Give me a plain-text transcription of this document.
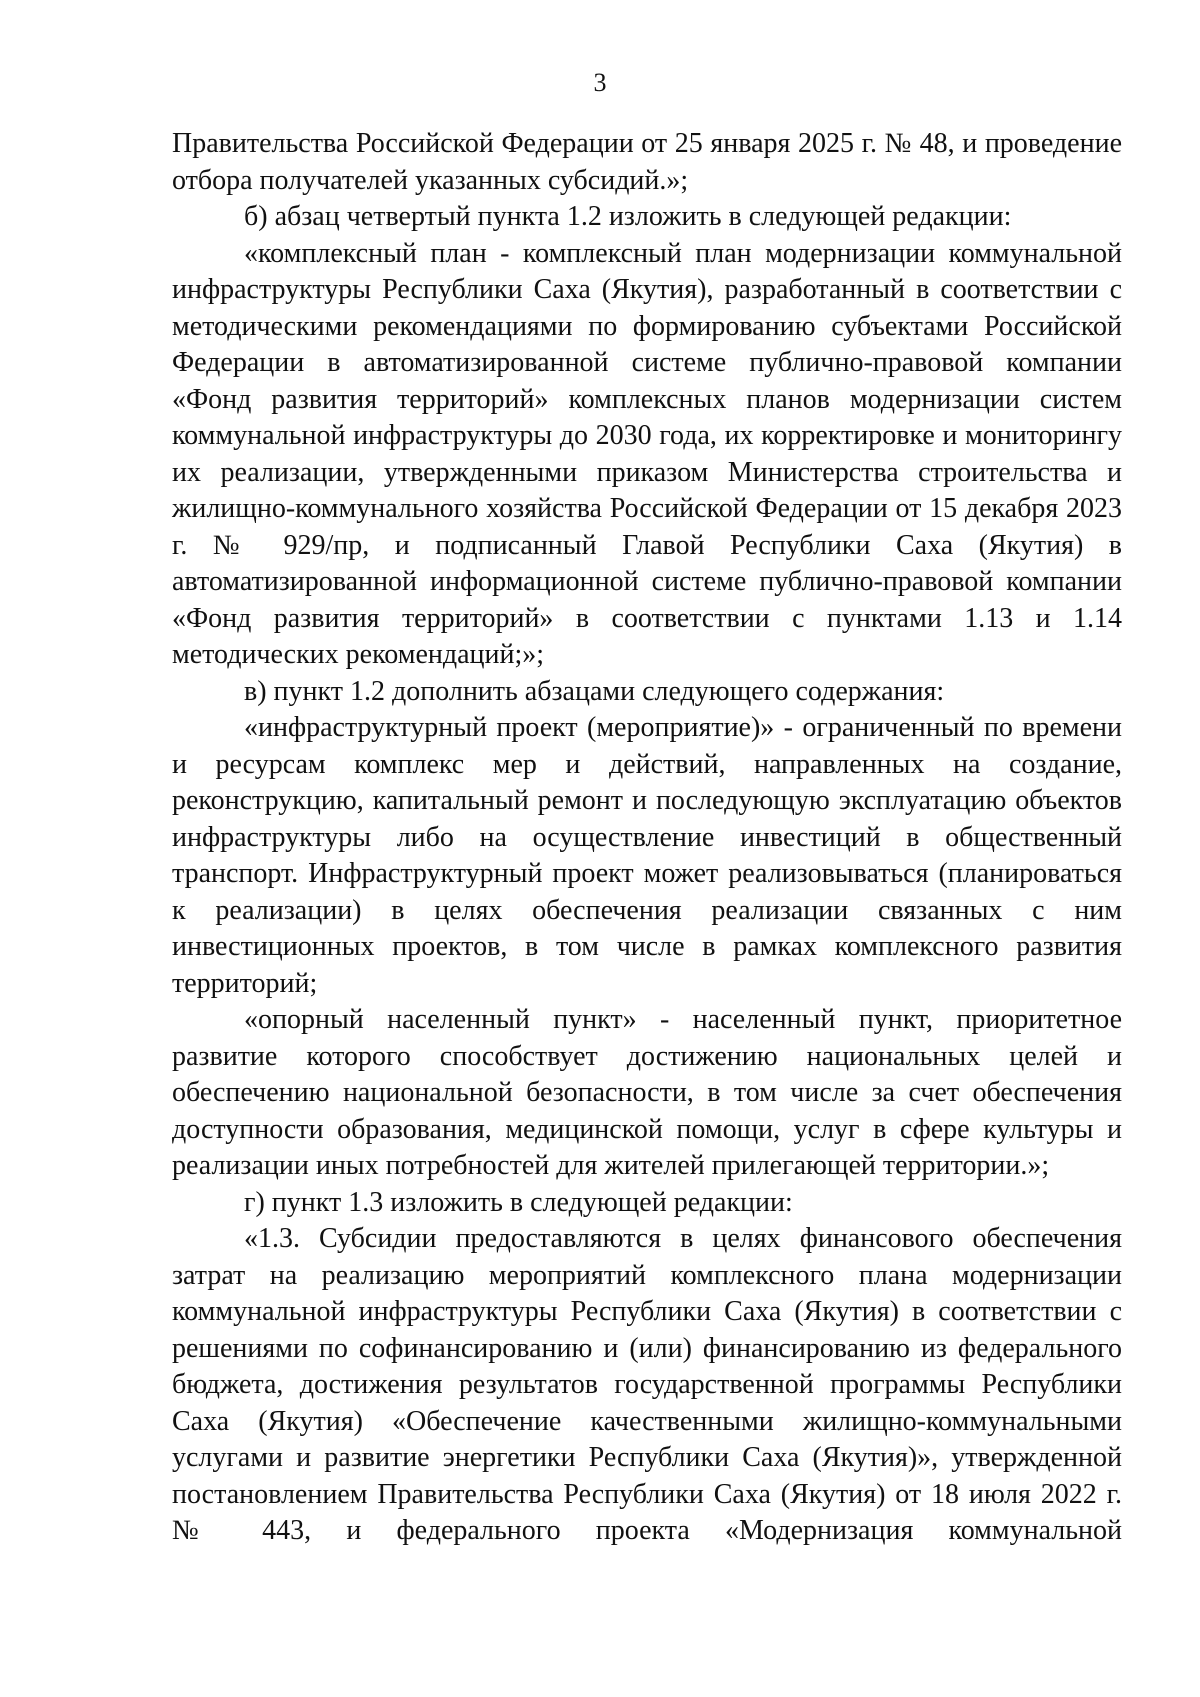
3

Правительства Российской Федерации от 25 января 2025 г. № 48, и проведение отбора получателей указанных субсидий.»;

б) абзац четвертый пункта 1.2 изложить в следующей редакции:

«комплексный план - комплексный план модернизации коммунальной инфраструктуры Республики Саха (Якутия), разработанный в соответствии с методическими рекомендациями по формированию субъектами Российской Федерации в автоматизированной системе публично-правовой компании «Фонд развития территорий» комплексных планов модернизации систем коммунальной инфраструктуры до 2030 года, их корректировке и мониторингу их реализации, утвержденными приказом Министерства строительства и жилищно-коммунального хозяйства Российской Федерации от 15 декабря 2023 г. № 929/пр, и подписанный Главой Республики Саха (Якутия) в автоматизированной информационной системе публично-правовой компании «Фонд развития территорий» в соответствии с пунктами 1.13 и 1.14 методических рекомендаций;»;

в) пункт 1.2 дополнить абзацами следующего содержания:

«инфраструктурный проект (мероприятие)» - ограниченный по времени и ресурсам комплекс мер и действий, направленных на создание, реконструкцию, капитальный ремонт и последующую эксплуатацию объектов инфраструктуры либо на осуществление инвестиций в общественный транспорт. Инфраструктурный проект может реализовываться (планироваться к реализации) в целях обеспечения реализации связанных с ним инвестиционных проектов, в том числе в рамках комплексного развития территорий;

«опорный населенный пункт» - населенный пункт, приоритетное развитие которого способствует достижению национальных целей и обеспечению национальной безопасности, в том числе за счет обеспечения доступности образования, медицинской помощи, услуг в сфере культуры и реализации иных потребностей для жителей прилегающей территории.»;

г) пункт 1.3 изложить в следующей редакции:

«1.3. Субсидии предоставляются в целях финансового обеспечения затрат на реализацию мероприятий комплексного плана модернизации коммунальной инфраструктуры Республики Саха (Якутия) в соответствии с решениями по софинансированию и (или) финансированию из федерального бюджета, достижения результатов государственной программы Республики Саха (Якутия) «Обеспечение качественными жилищно-коммунальными услугами и развитие энергетики Республики Саха (Якутия)», утвержденной постановлением Правительства Республики Саха (Якутия) от 18 июля 2022 г. № 443, и федерального проекта «Модернизация коммунальной
